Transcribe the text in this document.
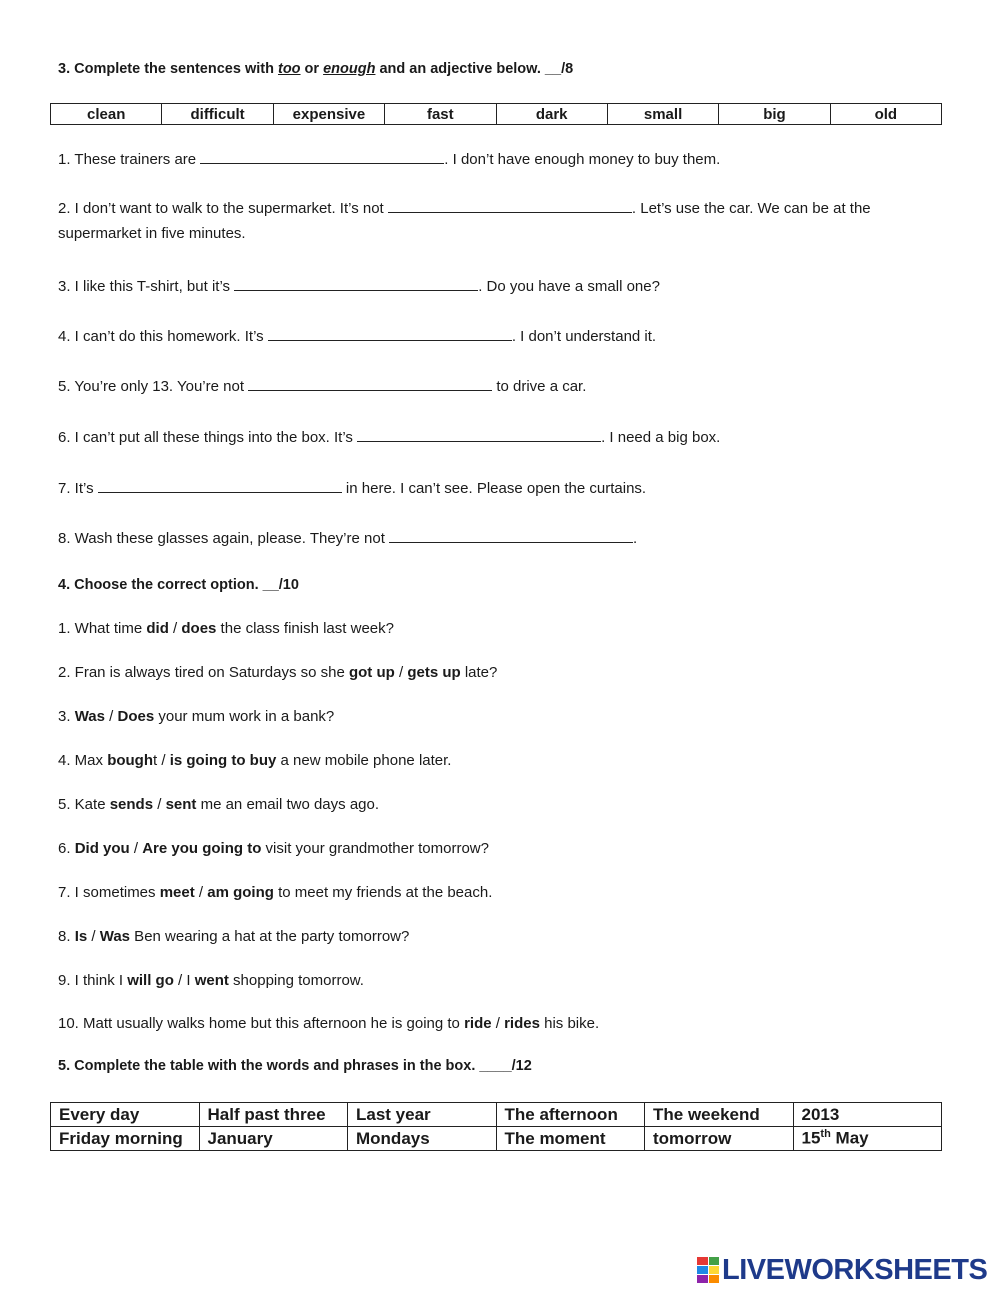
3. Complete the sentences with too or enough and an adjective below. __/8
clean	difficult	expensive	fast	dark	small	big	old
1. These trainers are	. I don’t have enough money to buy them.
2. I don’t want to walk to the supermarket. It’s not	. Let’s use the car. We can be at the supermarket in five minutes.
3. I like this T-shirt, but it’s	. Do you have a small one?
4. I can’t do this homework. It’s	. I don’t understand it.
5. You’re only 13. You’re not	to drive a car.
6. I can’t put all these things into the box. It’s	. I need a big box.
7. It’s	in here. I can’t see. Please open the curtains.
8. Wash these glasses again, please. They’re not	.
4. Choose the correct option. __/10
1. What time did / does the class finish last week?
2. Fran is always tired on Saturdays so she got up / gets up late?
3. Was / Does your mum work in a bank?
4. Max bought / is going to buy a new mobile phone later.
5. Kate sends / sent me an email two days ago.
6. Did you / Are you going to visit your grandmother tomorrow?
7. I sometimes meet / am going to meet my friends at the beach.
8. Is / Was Ben wearing a hat at the party tomorrow?
9. I think I will go / I went shopping tomorrow.
10. Matt usually walks home but this afternoon he is going to ride / rides his bike.
5. Complete the table with the words and phrases in the box. ____/12
Every day	Half past three	Last year	The afternoon	The weekend	2013
Friday morning	January	Mondays	The moment	tomorrow	15th May
LIVEWORKSHEETS
